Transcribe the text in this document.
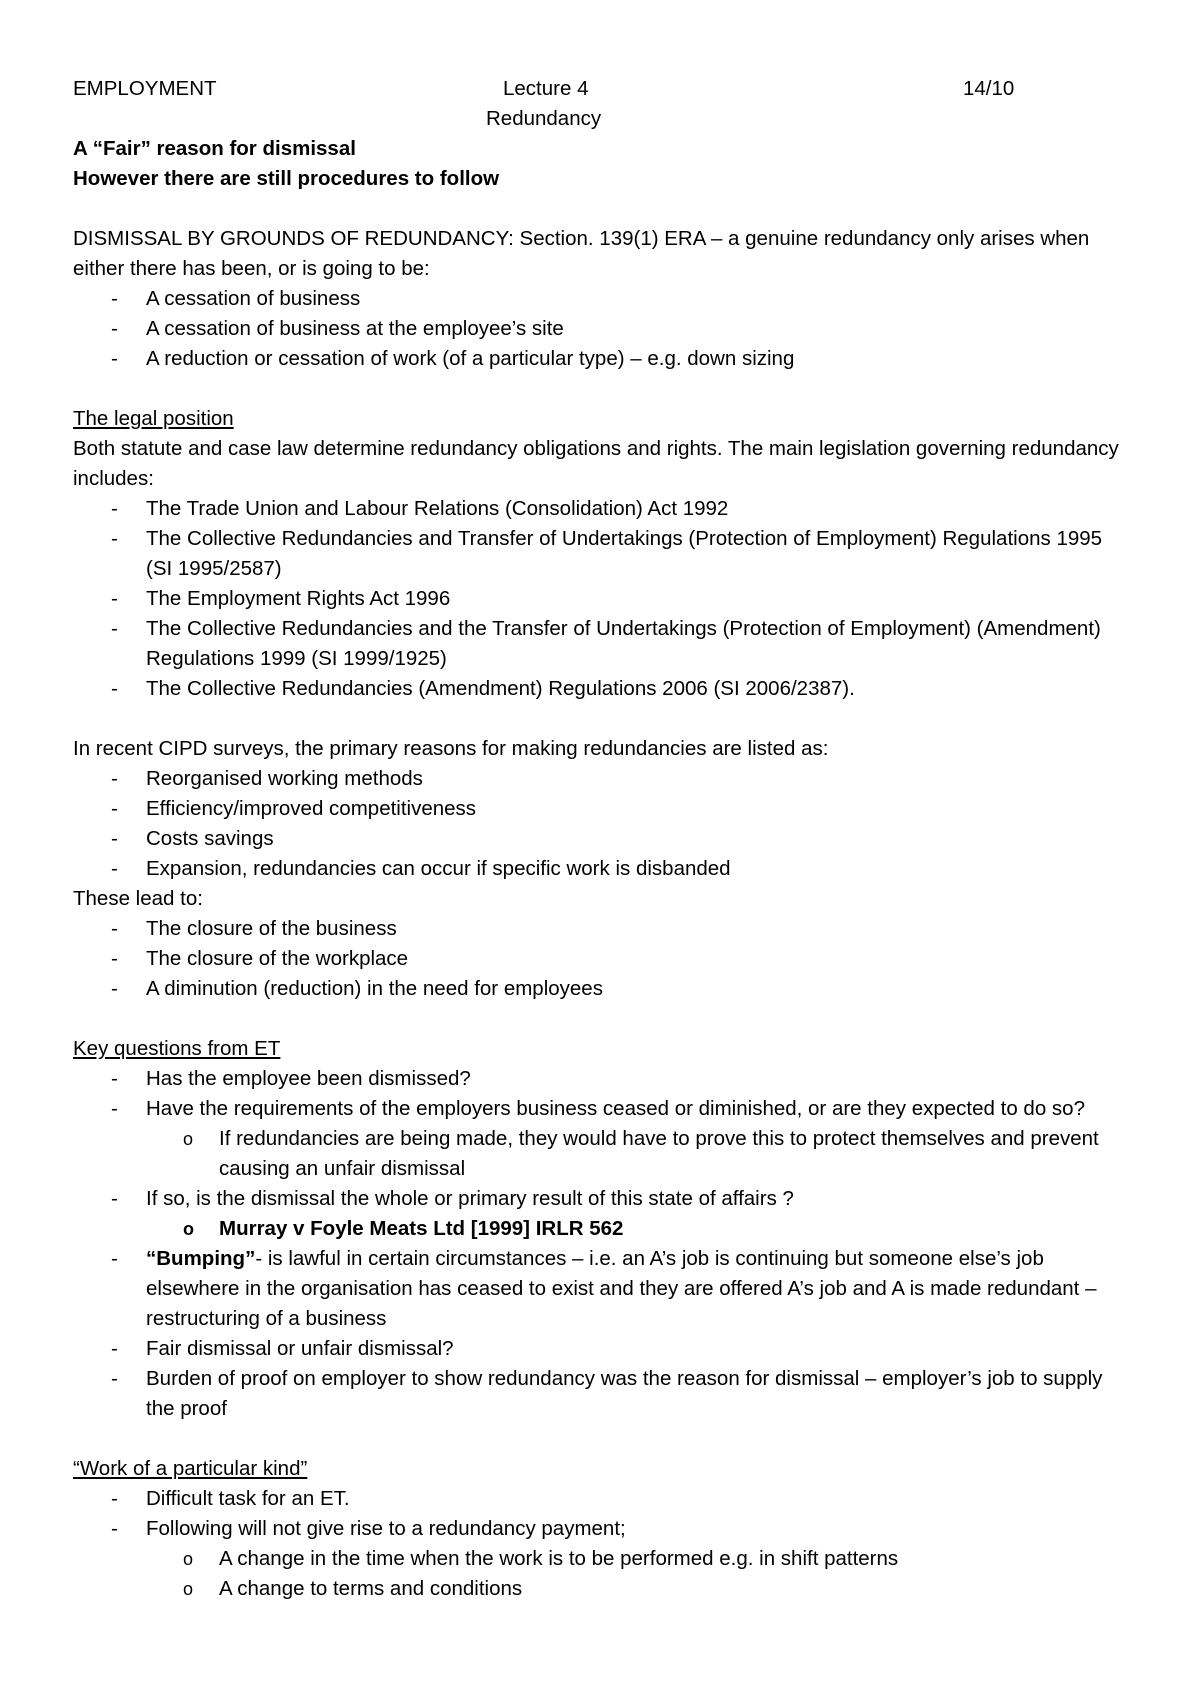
EMPLOYMENT	Lecture 4	14/10

Redundancy

A “Fair” reason for dismissal

However there are still procedures to follow

DISMISSAL BY GROUNDS OF REDUNDANCY: Section. 139(1) ERA – a genuine redundancy only arises when either there has been, or is going to be:

- A cessation of business
- A cessation of business at the employee’s site
- A reduction or cessation of work (of a particular type) – e.g. down sizing

The legal position

Both statute and case law determine redundancy obligations and rights. The main legislation governing redundancy includes:

- The Trade Union and Labour Relations (Consolidation) Act 1992
- The Collective Redundancies and Transfer of Undertakings (Protection of Employment) Regulations 1995 (SI 1995/2587)
- The Employment Rights Act 1996
- The Collective Redundancies and the Transfer of Undertakings (Protection of Employment) (Amendment) Regulations 1999 (SI 1999/1925)
- The Collective Redundancies (Amendment) Regulations 2006 (SI 2006/2387).

In recent CIPD surveys, the primary reasons for making redundancies are listed as:

- Reorganised working methods
- Efficiency/improved competitiveness
- Costs savings
- Expansion, redundancies can occur if specific work is disbanded

These lead to:

- The closure of the business
- The closure of the workplace
- A diminution (reduction) in the need for employees

Key questions from ET

- Has the employee been dismissed?
- Have the requirements of the employers business ceased or diminished, or are they expected to do so?
o If redundancies are being made, they would have to prove this to protect themselves and prevent causing an unfair dismissal
- If so, is the dismissal the whole or primary result of this state of affairs ?
o Murray v Foyle Meats Ltd [1999] IRLR 562
- “Bumping”- is lawful in certain circumstances – i.e. an A’s job is continuing but someone else’s job elsewhere in the organisation has ceased to exist and they are offered A’s job and A is made redundant – restructuring of a business
- Fair dismissal or unfair dismissal?
- Burden of proof on employer to show redundancy was the reason for dismissal – employer’s job to supply the proof

“Work of a particular kind”

- Difficult task for an ET.
- Following will not give rise to a redundancy payment;
o A change in the time when the work is to be performed e.g. in shift patterns
o A change to terms and conditions
